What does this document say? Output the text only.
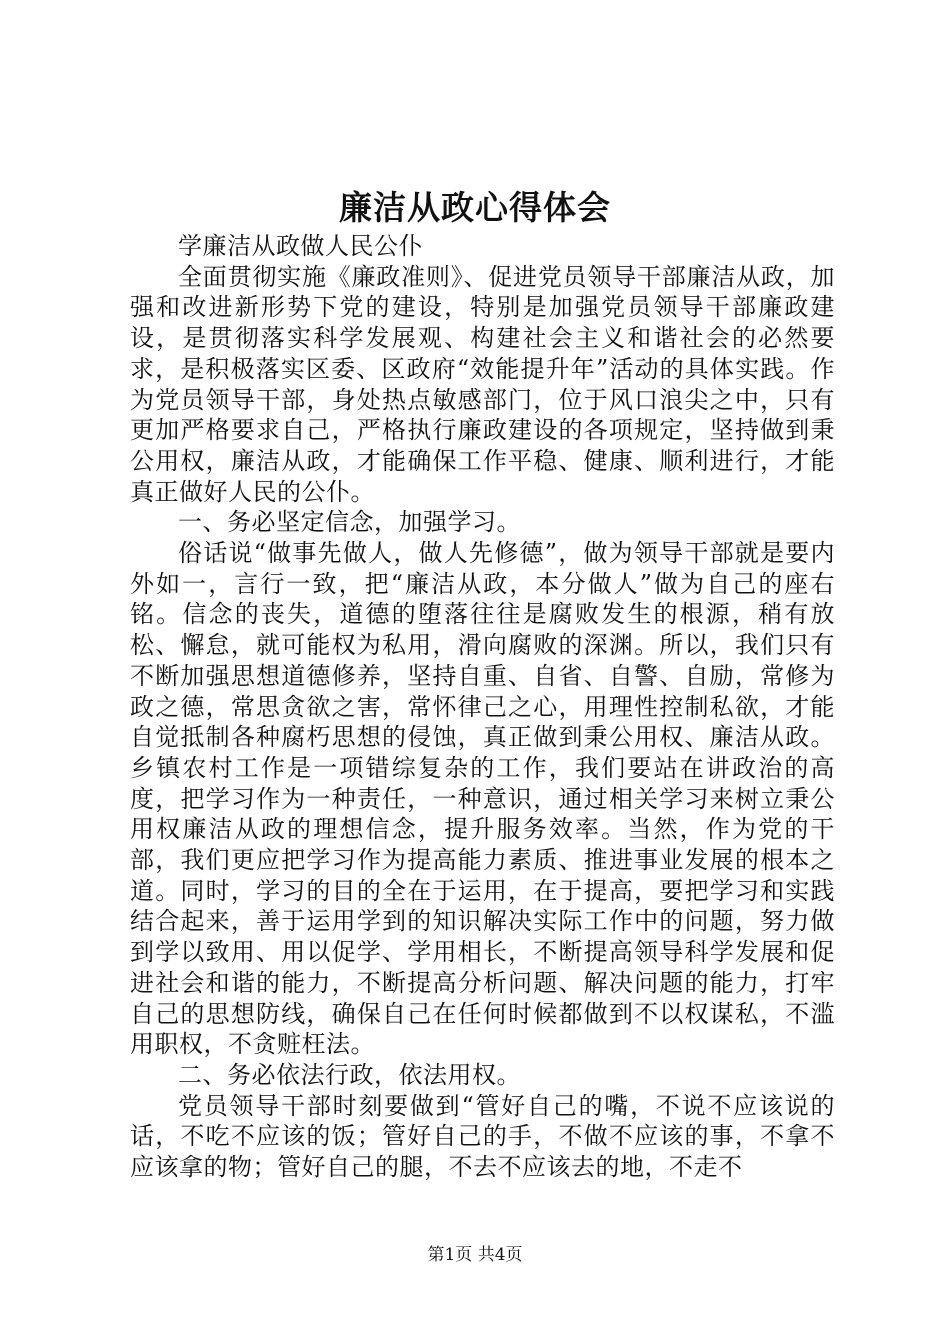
廉洁从政心得体会

学廉洁从政做人民公仆

全面贯彻实施《廉政准则》、促进党员领导干部廉洁从政，加强和改进新形势下党的建设，特别是加强党员领导干部廉政建设，是贯彻落实科学发展观、构建社会主义和谐社会的必然要求，是积极落实区委、区政府“效能提升年”活动的具体实践。作为党员领导干部，身处热点敏感部门，位于风口浪尖之中，只有更加严格要求自己，严格执行廉政建设的各项规定，坚持做到秉公用权，廉洁从政，才能确保工作平稳、健康、顺利进行，才能真正做好人民的公仆。

一、务必坚定信念，加强学习。

俗话说“做事先做人，做人先修德”，做为领导干部就是要内外如一，言行一致，把“廉洁从政，本分做人”做为自己的座右铭。信念的丧失，道德的堕落往往是腐败发生的根源，稍有放松、懈怠，就可能权为私用，滑向腐败的深渊。所以，我们只有不断加强思想道德修养，坚持自重、自省、自警、自励，常修为政之德，常思贪欲之害，常怀律己之心，用理性控制私欲，才能自觉抵制各种腐朽思想的侵蚀，真正做到秉公用权、廉洁从政。乡镇农村工作是一项错综复杂的工作，我们要站在讲政治的高度，把学习作为一种责任，一种意识，通过相关学习来树立秉公用权廉洁从政的理想信念，提升服务效率。当然，作为党的干部，我们更应把学习作为提高能力素质、推进事业发展的根本之道。同时，学习的目的全在于运用，在于提高，要把学习和实践结合起来，善于运用学到的知识解决实际工作中的问题，努力做到学以致用、用以促学、学用相长，不断提高领导科学发展和促进社会和谐的能力，不断提高分析问题、解决问题的能力，打牢自己的思想防线，确保自己在任何时候都做到不以权谋私，不滥用职权，不贪赃枉法。

二、务必依法行政，依法用权。

党员领导干部时刻要做到“管好自己的嘴，不说不应该说的话，不吃不应该的饭；管好自己的手，不做不应该的事，不拿不应该拿的物；管好自己的腿，不去不应该去的地，不走不

第1页 共4页
